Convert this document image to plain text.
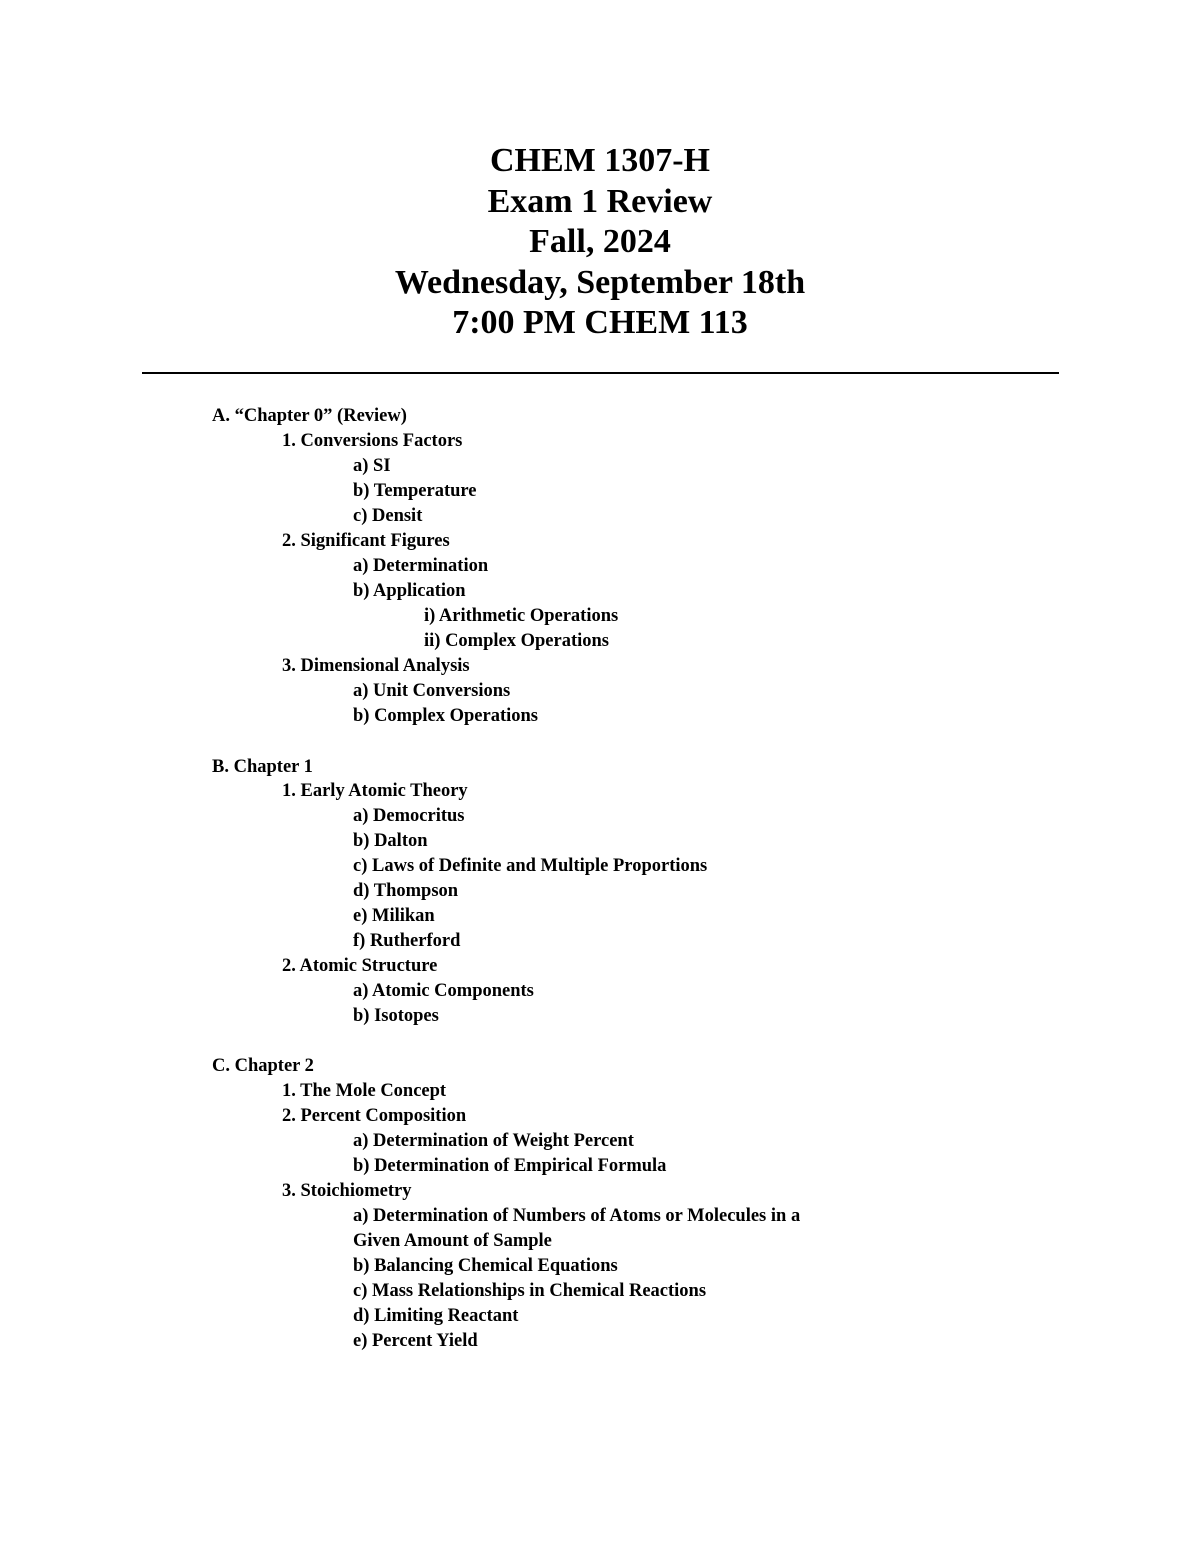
CHEM 1307-H
Exam 1 Review
Fall, 2024
Wednesday, September 18th
7:00 PM CHEM 113
A. “Chapter 0” (Review)
1. Conversions Factors
a) SI
b) Temperature
c) Densit
2. Significant Figures
a) Determination
b) Application
i) Arithmetic Operations
ii) Complex Operations
3. Dimensional Analysis
a) Unit Conversions
b) Complex Operations
B. Chapter 1
1. Early Atomic Theory
a) Democritus
b) Dalton
c) Laws of Definite and Multiple Proportions
d) Thompson
e) Milikan
f) Rutherford
2. Atomic Structure
a) Atomic Components
b) Isotopes
C. Chapter 2
1. The Mole Concept
2. Percent Composition
a) Determination of Weight Percent
b) Determination of Empirical Formula
3. Stoichiometry
a) Determination of Numbers of Atoms or Molecules in a
Given Amount of Sample
b) Balancing Chemical Equations
c) Mass Relationships in Chemical Reactions
d) Limiting Reactant
e) Percent Yield
